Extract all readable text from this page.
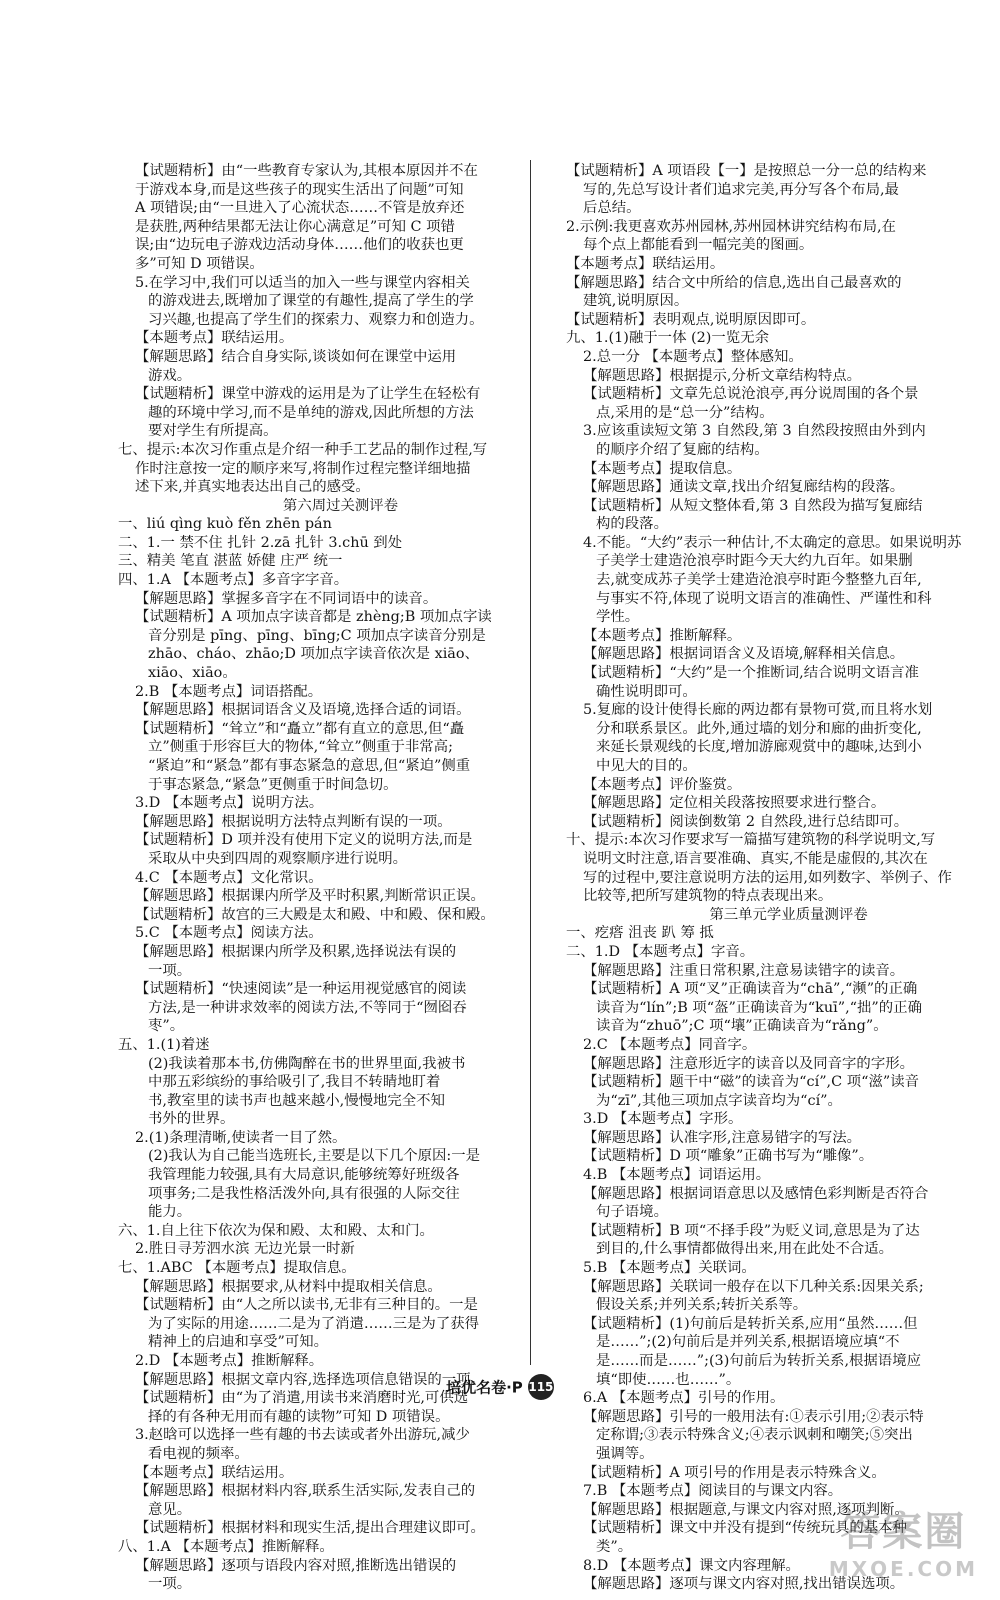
【试题精析】由“一些教育专家认为,其根本原因并不在
于游戏本身,而是这些孩子的现实生活出了问题”可知
A 项错误;由“一旦进入了心流状态……不管是放弃还
是获胜,两种结果都无法让你心满意足”可知 C 项错
误;由“边玩电子游戏边活动身体……他们的收获也更
多”可知 D 项错误。
5.在学习中,我们可以适当的加入一些与课堂内容相关
的游戏进去,既增加了课堂的有趣性,提高了学生的学
习兴趣,也提高了学生们的探索力、观察力和创造力。
【本题考点】联结运用。
【解题思路】结合自身实际,谈谈如何在课堂中运用
游戏。
【试题精析】课堂中游戏的运用是为了让学生在轻松有
趣的环境中学习,而不是单纯的游戏,因此所想的方法
要对学生有所提高。
七、提示:本次习作重点是介绍一种手工艺品的制作过程,写
作时注意按一定的顺序来写,将制作过程完整详细地描
述下来,并真实地表达出自己的感受。
第六周过关测评卷
一、liú qìng kuò fěn zhēn pán
二、1.一 禁不住 扎针 2.zā 扎针 3.chū 到处
三、精美 笔直 湛蓝 娇健 庄严 统一
四、1.A 【本题考点】多音字字音。
【解题思路】掌握多音字在不同词语中的读音。
【试题精析】A 项加点字读音都是 zhèng;B 项加点字读
音分别是 pīng、pīng、bīng;C 项加点字读音分别是
zhāo、cháo、zhāo;D 项加点字读音依次是 xiāo、
xiāo、xiāo。
2.B 【本题考点】词语搭配。
【解题思路】根据词语含义及语境,选择合适的词语。
【试题精析】“耸立”和“矗立”都有直立的意思,但“矗
立”侧重于形容巨大的物体,“耸立”侧重于非常高;
“紧迫”和“紧急”都有事态紧急的意思,但“紧迫”侧重
于事态紧急,“紧急”更侧重于时间急切。
3.D 【本题考点】说明方法。
【解题思路】根据说明方法特点判断有误的一项。
【试题精析】D 项并没有使用下定义的说明方法,而是
采取从中央到四周的观察顺序进行说明。
4.C 【本题考点】文化常识。
【解题思路】根据课内所学及平时积累,判断常识正误。
【试题精析】故宫的三大殿是太和殿、中和殿、保和殿。
5.C 【本题考点】阅读方法。
【解题思路】根据课内所学及积累,选择说法有误的
一项。
【试题精析】“快速阅读”是一种运用视觉感官的阅读
方法,是一种讲求效率的阅读方法,不等同于“囫囵吞
枣”。
五、1.(1)着迷
(2)我读着那本书,仿佛陶醉在书的世界里面,我被书
中那五彩缤纷的事给吸引了,我目不转睛地盯着
书,教室里的读书声也越来越小,慢慢地完全不知
书外的世界。
2.(1)条理清晰,使读者一目了然。
(2)我认为自己能当选班长,主要是以下几个原因:一是
我管理能力较强,具有大局意识,能够统筹好班级各
项事务;二是我性格活泼外向,具有很强的人际交往
能力。
六、1.自上往下依次为保和殿、太和殿、太和门。
2.胜日寻芳泗水滨 无边光景一时新
七、1.ABC 【本题考点】提取信息。
【解题思路】根据要求,从材料中提取相关信息。
【试题精析】由“人之所以读书,无非有三种目的。一是
为了实际的用途……二是为了消遣……三是为了获得
精神上的启迪和享受”可知。
2.D 【本题考点】推断解释。
【解题思路】根据文章内容,选择选项信息错误的一项。
【试题精析】由“为了消遣,用读书来消磨时光,可供选
择的有各种无用而有趣的读物”可知 D 项错误。
3.赵晗可以选择一些有趣的书去读或者外出游玩,减少
看电视的频率。
【本题考点】联结运用。
【解题思路】根据材料内容,联系生活实际,发表自己的
意见。
【试题精析】根据材料和现实生活,提出合理建议即可。
八、1.A 【本题考点】推断解释。
【解题思路】逐项与语段内容对照,推断选出错误的
一项。
【试题精析】A 项语段【一】是按照总一分一总的结构来
写的,先总写设计者们追求完美,再分写各个布局,最
后总结。
2.示例:我更喜欢苏州园林,苏州园林讲究结构布局,在
每个点上都能看到一幅完美的图画。
【本题考点】联结运用。
【解题思路】结合文中所给的信息,选出自己最喜欢的
建筑,说明原因。
【试题精析】表明观点,说明原因即可。
九、1.(1)融于一体 (2)一览无余
2.总一分 【本题考点】整体感知。
【解题思路】根据提示,分析文章结构特点。
【试题精析】文章先总说沧浪亭,再分说周围的各个景
点,采用的是“总一分”结构。
3.应该重读短文第 3 自然段,第 3 自然段按照由外到内
的顺序介绍了复廊的结构。
【本题考点】提取信息。
【解题思路】通读文章,找出介绍复廊结构的段落。
【试题精析】从短文整体看,第 3 自然段为描写复廊结
构的段落。
4.不能。“大约”表示一种估计,不太确定的意思。如果说明苏
子美学士建造沧浪亭时距今天大约九百年。如果删
去,就变成苏子美学士建造沧浪亭时距今整整九百年,
与事实不符,体现了说明文语言的准确性、严谨性和科
学性。
【本题考点】推断解释。
【解题思路】根据词语含义及语境,解释相关信息。
【试题精析】“大约”是一个推断词,结合说明文语言准
确性说明即可。
5.复廊的设计使得长廊的两边都有景物可赏,而且将水划
分和联系景区。此外,通过墙的划分和廊的曲折变化,
来延长景观线的长度,增加游廊观赏中的趣味,达到小
中见大的目的。
【本题考点】评价鉴赏。
【解题思路】定位相关段落按照要求进行整合。
【试题精析】阅读倒数第 2 自然段,进行总结即可。
十、提示:本次习作要求写一篇描写建筑物的科学说明文,写
说明文时注意,语言要准确、真实,不能是虚假的,其次在
写的过程中,要注意说明方法的运用,如列数字、举例子、作
比较等,把所写建筑物的特点表现出来。
第三单元学业质量测评卷
一、疙瘩 沮丧 趴 筹 抵
二、1.D 【本题考点】字音。
【解题思路】注重日常积累,注意易读错字的读音。
【试题精析】A 项“叉”正确读音为“chā”,“濒”的正确
读音为“lín”;B 项“盔”正确读音为“kuī”,“拙”的正确
读音为“zhuō”;C 项“壤”正确读音为“rǎng”。
2.C 【本题考点】同音字。
【解题思路】注意形近字的读音以及同音字的字形。
【试题精析】题干中“磁”的读音为“cí”,C 项“滋”读音
为“zī”,其他三项加点字读音均为“cí”。
3.D 【本题考点】字形。
【解题思路】认准字形,注意易错字的写法。
【试题精析】D 项“雕象”正确书写为“雕像”。
4.B 【本题考点】词语运用。
【解题思路】根据词语意思以及感情色彩判断是否符合
句子语境。
【试题精析】B 项“不择手段”为贬义词,意思是为了达
到目的,什么事情都做得出来,用在此处不合适。
5.B 【本题考点】关联词。
【解题思路】关联词一般存在以下几种关系:因果关系;
假设关系;并列关系;转折关系等。
【试题精析】(1)句前后是转折关系,应用“虽然……但
是……”;(2)句前后是并列关系,根据语境应填“不
是……而是……”;(3)句前后为转折关系,根据语境应
填“即使……也……”。
6.A 【本题考点】引号的作用。
【解题思路】引号的一般用法有:①表示引用;②表示特
定称谓;③表示特殊含义;④表示讽刺和嘲笑;⑤突出
强调等。
【试题精析】A 项引号的作用是表示特殊含义。
7.B 【本题考点】阅读目的与课文内容。
【解题思路】根据题意,与课文内容对照,逐项判断。
【试题精析】课文中并没有提到“传统玩具的基本种
类”。
8.D 【本题考点】课文内容理解。
【解题思路】逐项与课文内容对照,找出错误选项。
培优名卷·P 115
答案圈
MXQE.COM
